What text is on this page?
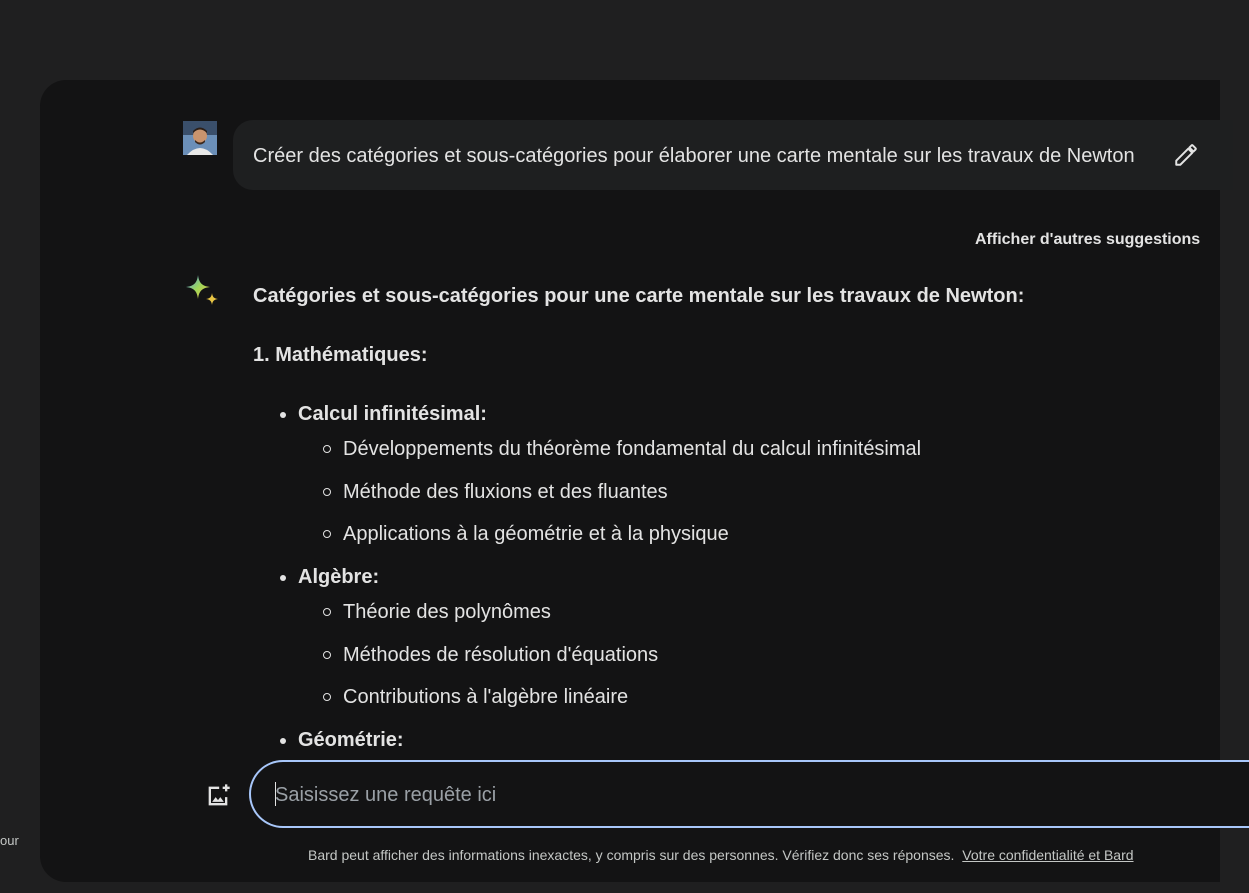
our
Créer des catégories et sous-catégories pour élaborer une carte mentale sur les travaux de Newton
Afficher d'autres suggestions
Catégories et sous-catégories pour une carte mentale sur les travaux de Newton:
1. Mathématiques:
Calcul infinitésimal:
Développements du théorème fondamental du calcul infinitésimal
Méthode des fluxions et des fluantes
Applications à la géométrie et à la physique
Algèbre:
Théorie des polynômes
Méthodes de résolution d'équations
Contributions à l'algèbre linéaire
Géométrie:
Saisissez une requête ici
Bard peut afficher des informations inexactes, y compris sur des personnes. Vérifiez donc ses réponses. Votre confidentialité et Bard
